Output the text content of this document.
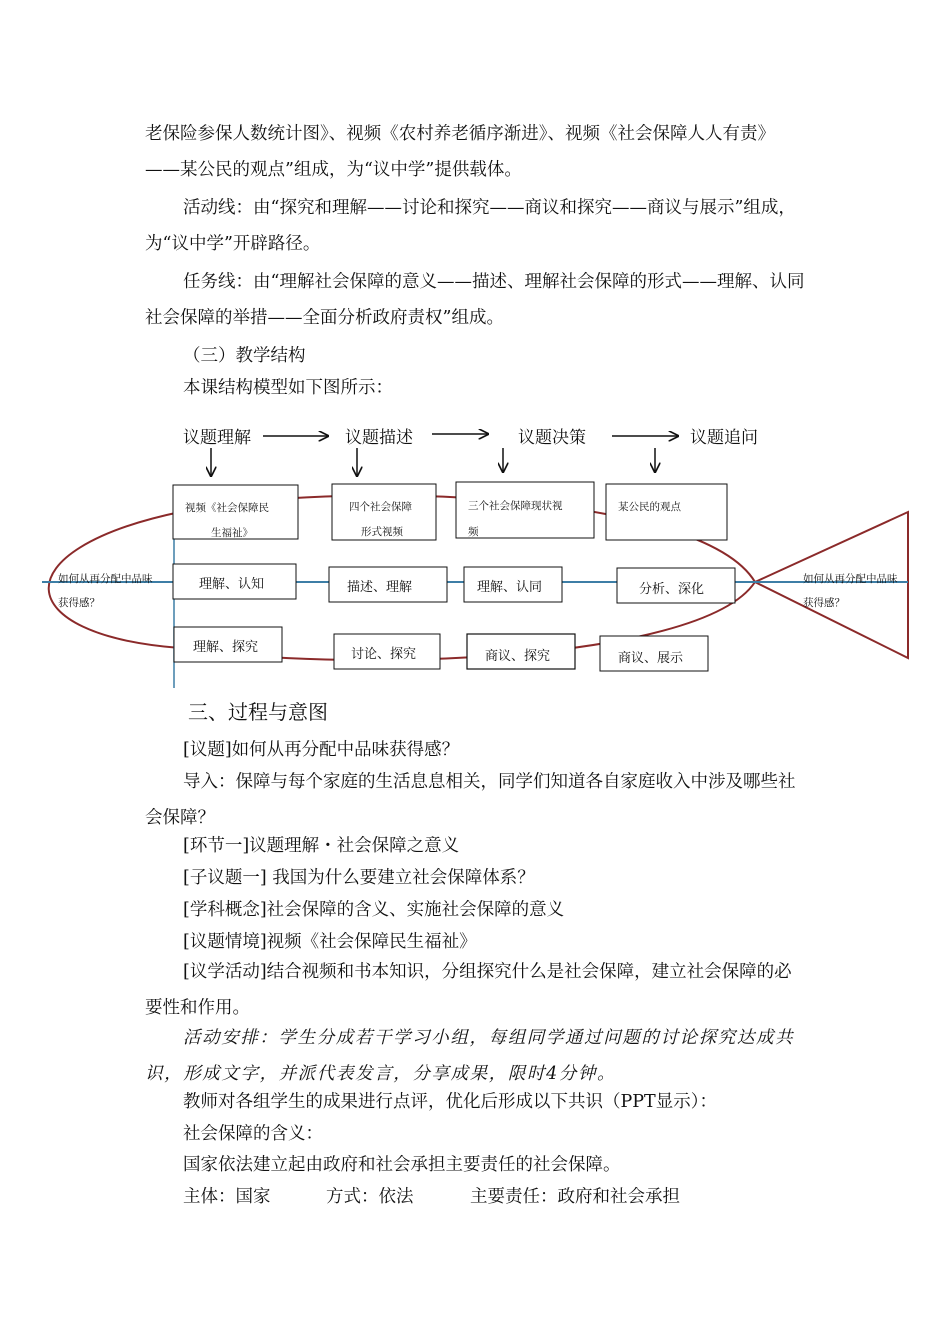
老保险参保人数统计图》、视频《农村养老循序渐进》、视频《社会保障人人有责》——某公民的观点”组成，为“议中学”提供载体。
活动线：由“探究和理解——讨论和探究——商议和探究——商议与展示”组成，为“议中学”开辟路径。
任务线：由“理解社会保障的意义——描述、理解社会保障的形式——理解、认同社会保障的举措——全面分析政府责权”组成。
（三）教学结构
本课结构模型如下图所示：
议题理解	议题描述	议题决策	议题追问
视频《社会保障民
生福祉》
四个社会保障
形式视频
三个社会保障现状视
频
某公民的观点
理解、认知	描述、理解	理解、认同	分析、深化
理解、探究	讨论、探究	商议、探究	商议、展示
如何从再分配中品味 获得感？
如何从再分配中品味 获得感？
三、过程与意图
[议题]如何从再分配中品味获得感？
导入：保障与每个家庭的生活息息相关，同学们知道各自家庭收入中涉及哪些社会保障？
[环节一]议题理解・社会保障之意义
[子议题一] 我国为什么要建立社会保障体系？
[学科概念]社会保障的含义、实施社会保障的意义
[议题情境]视频《社会保障民生福祉》
[议学活动]结合视频和书本知识，分组探究什么是社会保障，建立社会保障的必要性和作用。
活动安排：学生分成若干学习小组，每组同学通过问题的讨论探究达成共识，形成文字，并派代表发言，分享成果，限时4分钟。
教师对各组学生的成果进行点评，优化后形成以下共识（PPT显示）：
社会保障的含义：
国家依法建立起由政府和社会承担主要责任的社会保障。
主体：国家	方式：依法	主要责任：政府和社会承担
